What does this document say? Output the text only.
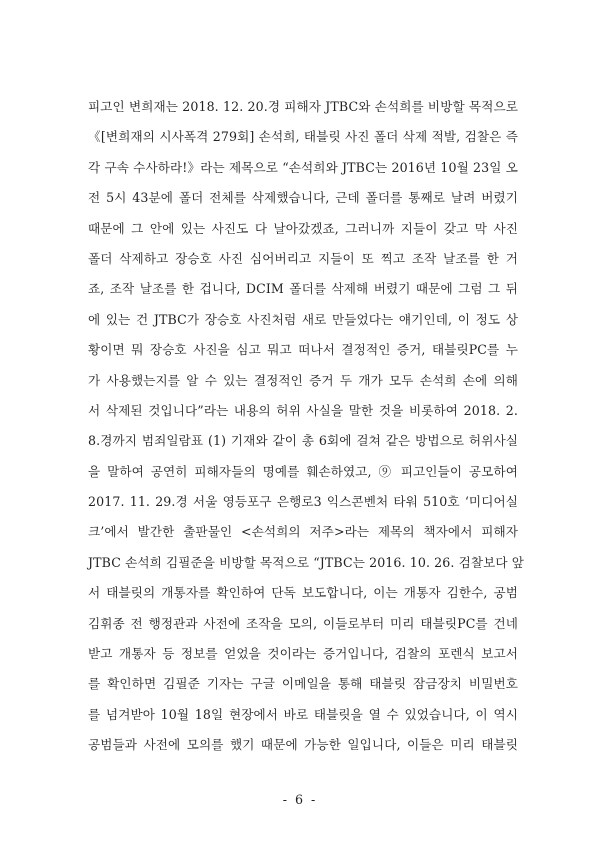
피고인 변희재는 2018. 12. 20.경 피해자 JTBC와 손석희를 비방할 목적으로
《[변희재의 시사폭격 279회] 손석희, 태블릿 사진 폴더 삭제 적발, 검찰은 즉
각 구속 수사하라!》라는 제목으로 “손석희와 JTBC는 2016년 10월 23일 오
전 5시 43분에 폴더 전체를 삭제했습니다, 근데 폴더를 통째로 날려 버렸기
때문에 그 안에 있는 사진도 다 날아갔겠죠, 그러니까 지들이 갖고 막 사진
폴더 삭제하고 장승호 사진 심어버리고 지들이 또 찍고 조작 날조를 한 거
죠, 조작 날조를 한 겁니다, DCIM 폴더를 삭제해 버렸기 때문에 그럼 그 뒤
에 있는 건 JTBC가 장승호 사진처럼 새로 만들었다는 얘기인데, 이 정도 상
황이면 뭐 장승호 사진을 심고 뭐고 떠나서 결정적인 증거, 태블릿PC를 누
가 사용했는지를 알 수 있는 결정적인 증거 두 개가 모두 손석희 손에 의해
서 삭제된 것입니다”라는 내용의 허위 사실을 말한 것을 비롯하여 2018. 2.
8.경까지 범죄일람표 (1) 기재와 같이 총 6회에 걸쳐 같은 방법으로 허위사실
을 말하여 공연히 피해자들의 명예를 훼손하였고, ⑨ 피고인들이 공모하여
2017. 11. 29.경 서울 영등포구 은행로3 익스콘벤처 타워 510호 ‘미디어실
크’에서 발간한 출판물인 <손석희의 저주>라는 제목의 책자에서 피해자
JTBC 손석희 김필준을 비방할 목적으로 “JTBC는 2016. 10. 26. 검찰보다 앞
서 태블릿의 개통자를 확인하여 단독 보도합니다, 이는 개통자 김한수, 공범
김휘종 전 행정관과 사전에 조작을 모의, 이들로부터 미리 태블릿PC를 건네
받고 개통자 등 정보를 얻었을 것이라는 증거입니다, 검찰의 포렌식 보고서
를 확인하면 김필준 기자는 구글 이메일을 통해 태블릿 잠금장치 비밀번호
를 넘겨받아 10월 18일 현장에서 바로 태블릿을 열 수 있었습니다, 이 역시
공범들과 사전에 모의를 했기 때문에 가능한 일입니다, 이들은 미리 태블릿
- 6 -
